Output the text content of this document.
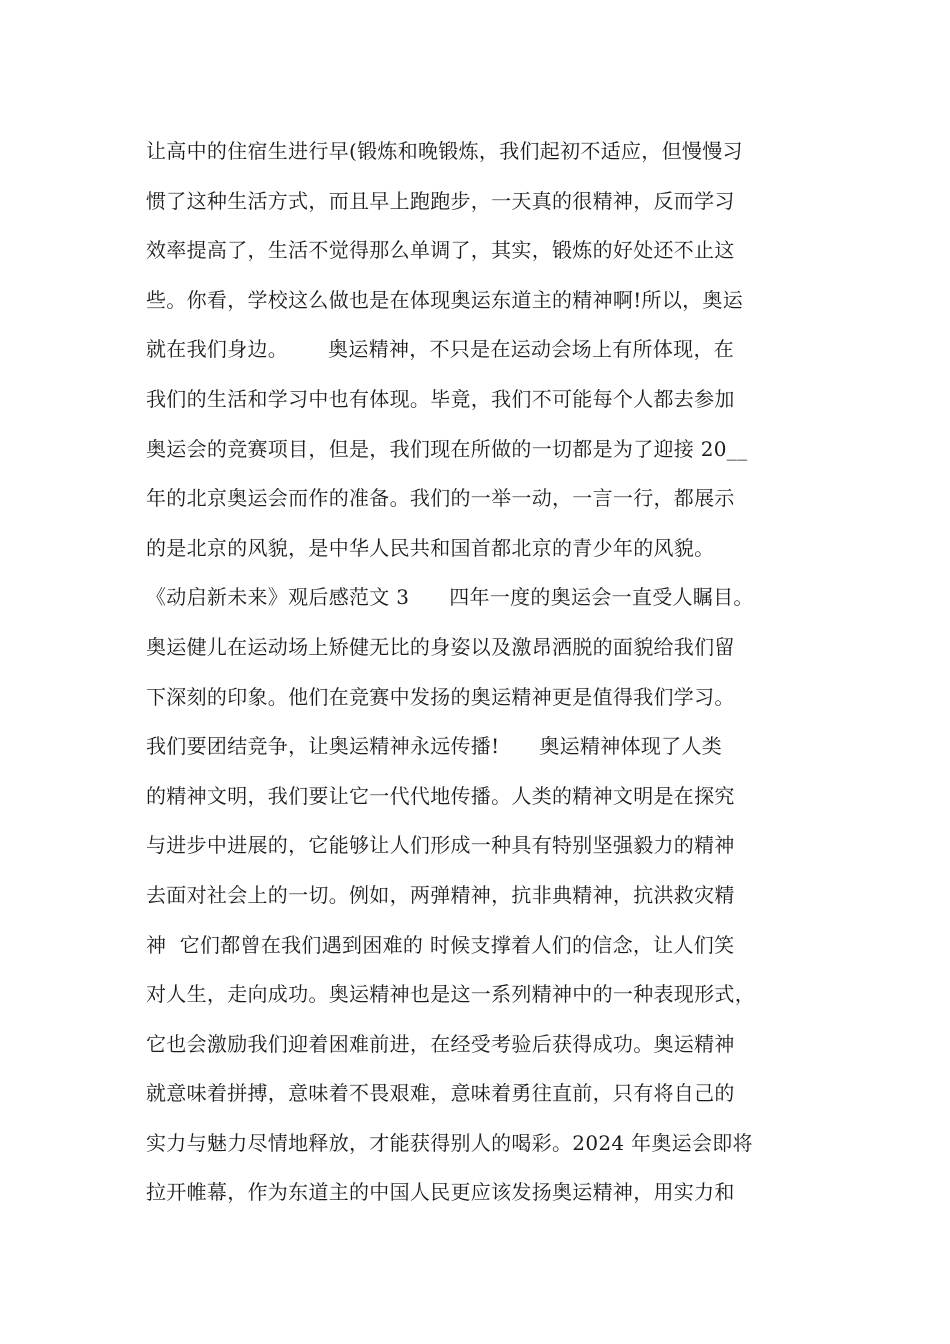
让高中的住宿生进行早(锻炼和晚锻炼，我们起初不适应，但慢慢习
惯了这种生活方式，而且早上跑跑步，一天真的很精神，反而学习
效率提高了，生活不觉得那么单调了，其实，锻炼的好处还不止这
些。你看，学校这么做也是在体现奥运东道主的精神啊!所以，奥运
就在我们身边。      奥运精神，不只是在运动会场上有所体现，在
我们的生活和学习中也有体现。毕竟，我们不可能每个人都去参加
奥运会的竞赛项目，但是，我们现在所做的一切都是为了迎接 20__
年的北京奥运会而作的准备。我们的一举一动，一言一行，都展示
的是北京的风貌，是中华人民共和国首都北京的青少年的风貌。
《动启新未来》观后感范文 3      四年一度的奥运会一直受人瞩目。
奥运健儿在运动场上矫健无比的身姿以及激昂洒脱的面貌给我们留
下深刻的印象。他们在竞赛中发扬的奥运精神更是值得我们学习。
我们要团结竞争，让奥运精神永远传播!      奥运精神体现了人类
的精神文明，我们要让它一代代地传播。人类的精神文明是在探究
与进步中进展的，它能够让人们形成一种具有特别坚强毅力的精神
去面对社会上的一切。例如，两弹精神，抗非典精神，抗洪救灾精
神  它们都曾在我们遇到困难的 时候支撑着人们的信念，让人们笑
对人生，走向成功。奥运精神也是这一系列精神中的一种表现形式，
它也会激励我们迎着困难前进，在经受考验后获得成功。奥运精神
就意味着拼搏，意味着不畏艰难，意味着勇往直前，只有将自己的
实力与魅力尽情地释放，才能获得别人的喝彩。2024 年奥运会即将
拉开帷幕，作为东道主的中国人民更应该发扬奥运精神，用实力和
